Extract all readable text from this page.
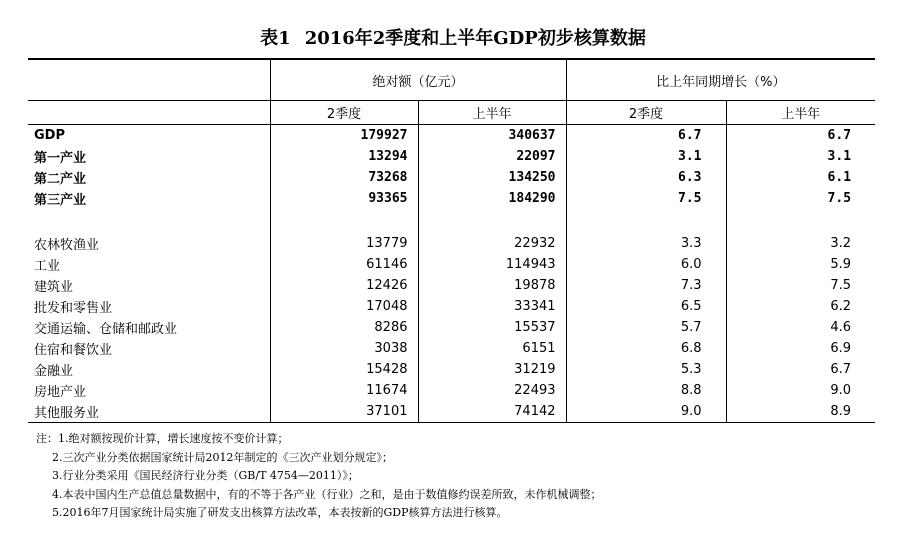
表1 2016年2季度和上半年GDP初步核算数据
	绝对额（亿元）		比上年同期增长（%）	
	2季度	上半年	2季度	上半年
GDP	179927	340637	6.7	6.7
第一产业	13294	22097	3.1	3.1
第二产业	73268	134250	6.3	6.1
第三产业	93365	184290	7.5	7.5

农林牧渔业	13779	22932	3.3	3.2
工业	61146	114943	6.0	5.9
建筑业	12426	19878	7.3	7.5
批发和零售业	17048	33341	6.5	6.2
交通运输、仓储和邮政业	8286	15537	5.7	4.6
住宿和餐饮业	3038	6151	6.8	6.9
金融业	15428	31219	5.3	6.7
房地产业	11674	22493	8.8	9.0
其他服务业	37101	74142	9.0	8.9
注：1.绝对额按现价计算，增长速度按不变价计算；
2.三次产业分类依据国家统计局2012年制定的《三次产业划分规定》；
3.行业分类采用《国民经济行业分类（GB/T 4754—2011）》；
4.本表中国内生产总值总量数据中，有的不等于各产业（行业）之和，是由于数值修约误差所致，未作机械调整；
5.2016年7月国家统计局实施了研发支出核算方法改革，本表按新的GDP核算方法进行核算。
